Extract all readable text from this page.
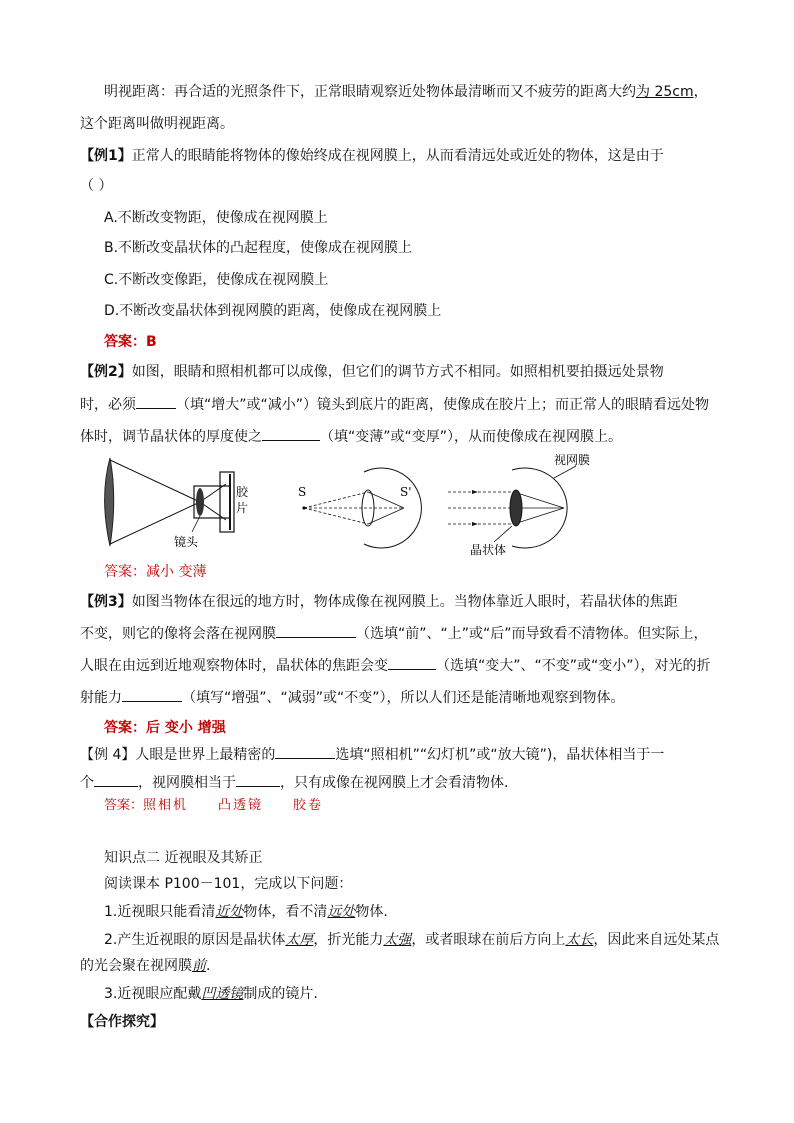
明视距离：再合适的光照条件下，正常眼睛观察近处物体最清晰而又不疲劳的距离大约为 25cm，
这个距离叫做明视距离。
【例1】正常人的眼睛能将物体的像始终成在视网膜上，从而看清远处或近处的物体，这是由于
（ ）
A.不断改变物距，使像成在视网膜上
B.不断改变晶状体的凸起程度，使像成在视网膜上
C.不断改变像距，使像成在视网膜上
D.不断改变晶状体到视网膜的距离，使像成在视网膜上
答案：B
【例2】如图，眼睛和照相机都可以成像，但它们的调节方式不相同。如照相机要拍摄远处景物
时，必须	（填“增大”或“减小”）镜头到底片的距离，使像成在胶片上；而正常人的眼睛看远处物
体时，调节晶状体的厚度使之	（填“变薄”或“变厚”），从而使像成在视网膜上。
胶
片
镜头
S	S'
视网膜
晶状体
答案：减小 变薄
【例3】如图当物体在很远的地方时，物体成像在视网膜上。当物体靠近人眼时，若晶状体的焦距
不变，则它的像将会落在视网膜	（选填“前”、“上”或“后”而导致看不清物体。但实际上，
人眼在由远到近地观察物体时，晶状体的焦距会变	（选填“变大”、“不变”或“变小”），对光的折
射能力	（填写“增强”、“减弱”或“不变”），所以人们还是能清晰地观察到物体。
答案：后 变小 增强
【例 4】人眼是世界上最精密的	选填“照相机”“幻灯机”或“放大镜”)，晶状体相当于一
个	，视网膜相当于	，只有成像在视网膜上才会看清物体.
答案：照相机 凸透镜 胶卷
知识点二 近视眼及其矫正
阅读课本 P100－101，完成以下问题：
1.近视眼只能看清近处物体，看不清远处物体.
2.产生近视眼的原因是晶状体太厚，折光能力太强，或者眼球在前后方向上太长，因此来自远处某点
的光会聚在视网膜前.
3.近视眼应配戴凹透镜制成的镜片.
【合作探究】
